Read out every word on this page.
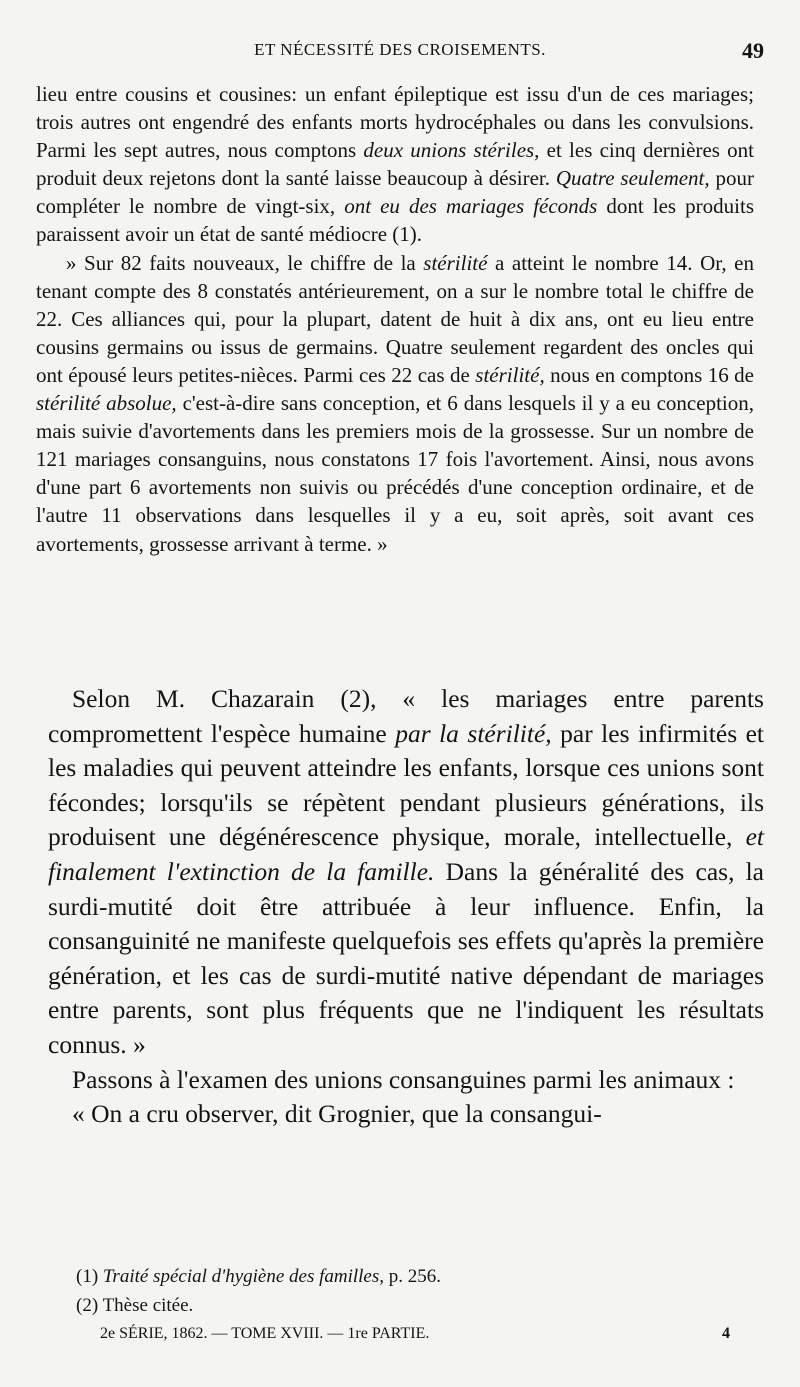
ET NÉCESSITÉ DES CROISEMENTS.	49

lieu entre cousins et cousines: un enfant épileptique est issu d'un de ces mariages; trois autres ont engendré des enfants morts hydrocéphales ou dans les convulsions. Parmi les sept autres, nous comptons deux unions stériles, et les cinq dernières ont produit deux rejetons dont la santé laisse beaucoup à désirer. Quatre seulement, pour compléter le nombre de vingt-six, ont eu des mariages féconds dont les produits paraissent avoir un état de santé médiocre (1).

» Sur 82 faits nouveaux, le chiffre de la stérilité a atteint le nombre 14. Or, en tenant compte des 8 constatés antérieurement, on a sur le nombre total le chiffre de 22. Ces alliances qui, pour la plupart, datent de huit à dix ans, ont eu lieu entre cousins germains ou issus de germains. Quatre seulement regardent des oncles qui ont épousé leurs petites-nièces. Parmi ces 22 cas de stérilité, nous en comptons 16 de stérilité absolue, c'est-à-dire sans conception, et 6 dans lesquels il y a eu conception, mais suivie d'avortements dans les premiers mois de la grossesse. Sur un nombre de 121 mariages consanguins, nous constatons 17 fois l'avortement. Ainsi, nous avons d'une part 6 avortements non suivis ou précédés d'une conception ordinaire, et de l'autre 11 observations dans lesquelles il y a eu, soit après, soit avant ces avortements, grossesse arrivant à terme. »

Selon M. Chazarain (2), « les mariages entre parents compromettent l'espèce humaine par la stérilité, par les infirmités et les maladies qui peuvent atteindre les enfants, lorsque ces unions sont fécondes; lorsqu'ils se répètent pendant plusieurs générations, ils produisent une dégénérescence physique, morale, intellectuelle, et finalement l'extinction de la famille. Dans la généralité des cas, la surdi-mutité doit être attribuée à leur influence. Enfin, la consanguinité ne manifeste quelquefois ses effets qu'après la première génération, et les cas de surdi-mutité native dépendant de mariages entre parents, sont plus fréquents que ne l'indiquent les résultats connus. »

Passons à l'examen des unions consanguines parmi les animaux :

« On a cru observer, dit Grognier, que la consangui-

(1) Traité spécial d'hygiène des familles, p. 256.

(2) Thèse citée.

2e SÉRIE, 1862. — TOME XVIII. — 1re PARTIE.	4
